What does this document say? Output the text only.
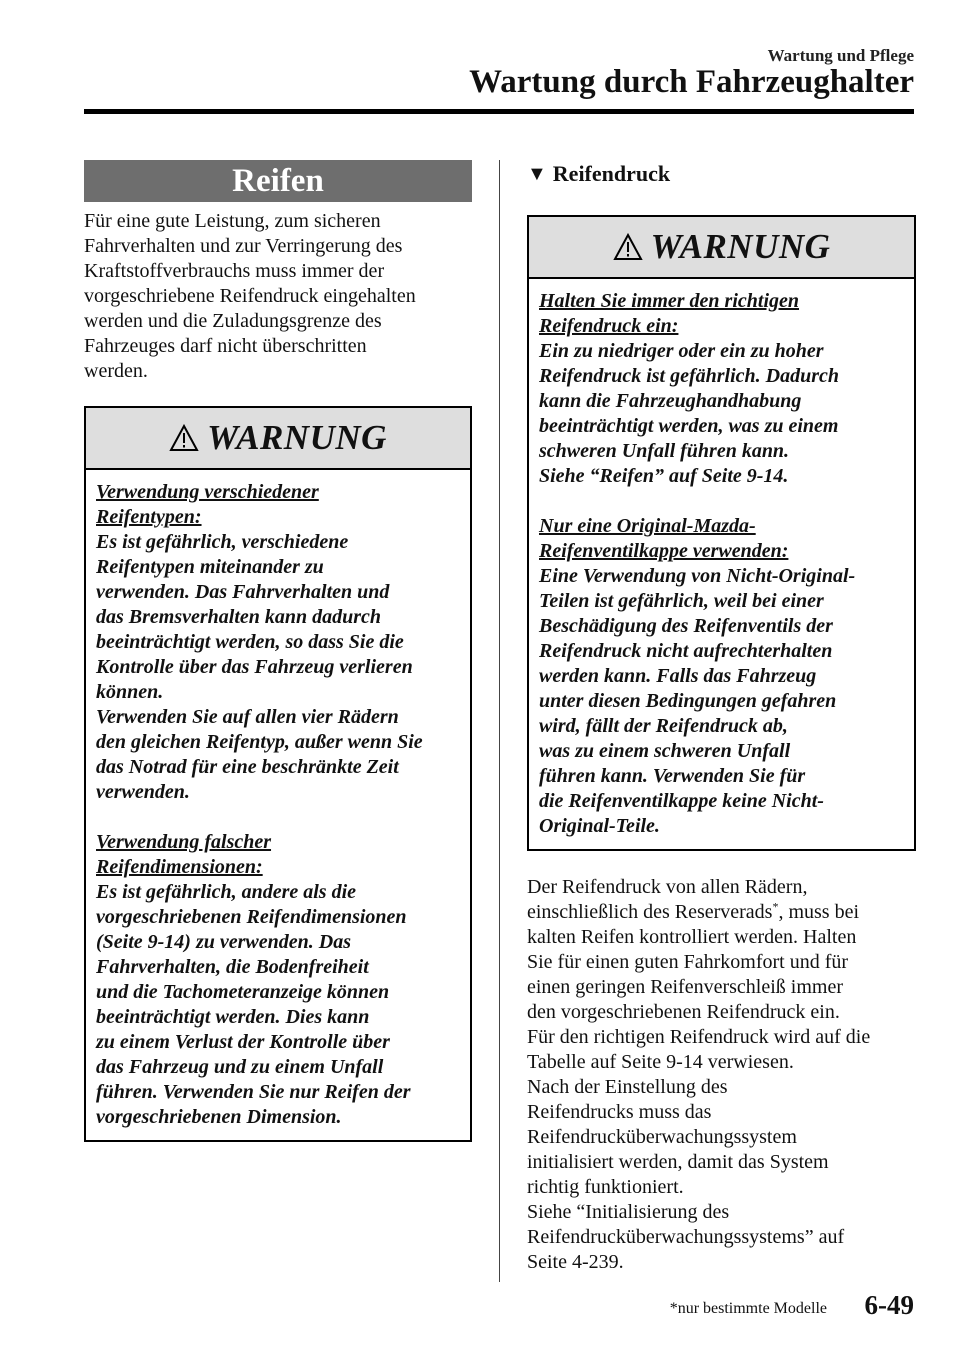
Wartung und Pflege
Wartung durch Fahrzeughalter
Reifen

Für eine gute Leistung, zum sicheren

Fahrverhalten und zur Verringerung des

Kraftstoffverbrauchs muss immer der

vorgeschriebene Reifendruck eingehalten

werden und die Zuladungsgrenze des

Fahrzeuges darf nicht überschritten

werden.

WARNUNG

Verwendung verschiedener

Reifentypen:

Es ist gefährlich, verschiedene

Reifentypen miteinander zu

verwenden. Das Fahrverhalten und

das Bremsverhalten kann dadurch

beeinträchtigt werden, so dass Sie die

Kontrolle über das Fahrzeug verlieren

können.

Verwenden Sie auf allen vier Rädern

den gleichen Reifentyp, außer wenn Sie

das Notrad für eine beschränkte Zeit

verwenden.

Verwendung falscher

Reifendimensionen:

Es ist gefährlich, andere als die

vorgeschriebenen Reifendimensionen

(Seite 9-14) zu verwenden. Das

Fahrverhalten, die Bodenfreiheit

und die Tachometeranzeige können

beeinträchtigt werden. Dies kann

zu einem Verlust der Kontrolle über

das Fahrzeug und zu einem Unfall

führen. Verwenden Sie nur Reifen der

vorgeschriebenen Dimension.

▼ Reifendruck
WARNUNG

Halten Sie immer den richtigen

Reifendruck ein:

Ein zu niedriger oder ein zu hoher

Reifendruck ist gefährlich. Dadurch

kann die Fahrzeughandhabung

beeinträchtigt werden, was zu einem

schweren Unfall führen kann.

Siehe “Reifen” auf Seite 9-14.

Nur eine Original-Mazda-

Reifenventilkappe verwenden:

Eine Verwendung von Nicht-Original-

Teilen ist gefährlich, weil bei einer

Beschädigung des Reifenventils der

Reifendruck nicht aufrechterhalten

werden kann. Falls das Fahrzeug

unter diesen Bedingungen gefahren

wird, fällt der Reifendruck ab,

was zu einem schweren Unfall

führen kann. Verwenden Sie für

die Reifenventilkappe keine Nicht-

Original-Teile.

Der Reifendruck von allen Rädern,

einschließlich des Reserverads*, muss bei

kalten Reifen kontrolliert werden. Halten

Sie für einen guten Fahrkomfort und für

einen geringen Reifenverschleiß immer

den vorgeschriebenen Reifendruck ein.

Für den richtigen Reifendruck wird auf die

Tabelle auf Seite 9-14 verwiesen.

Nach der Einstellung des

Reifendrucks muss das

Reifendrucküberwachungssystem

initialisiert werden, damit das System

richtig funktioniert.

Siehe “Initialisierung des

Reifendrucküberwachungssystems” auf

Seite 4-239.

*nur bestimmte Modelle 6-49
